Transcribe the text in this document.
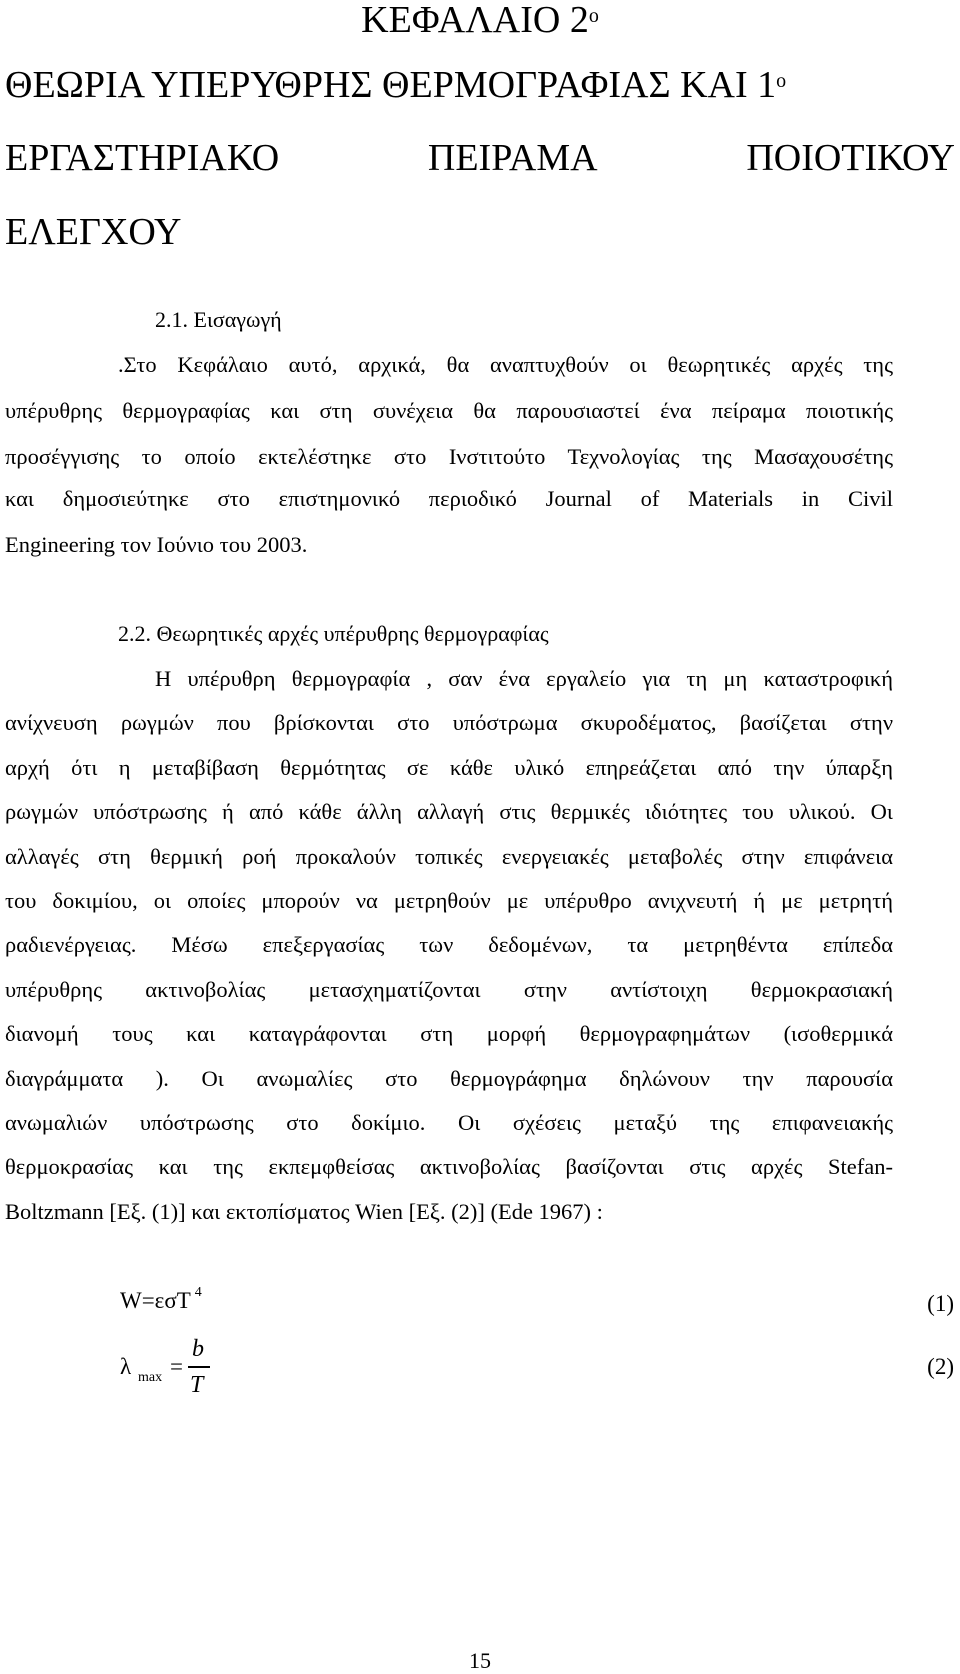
ΚΕΦΑΛΑΙΟ $2^o$
ΘΕΩΡΙΑ ΥΠΕΡΥΘΡΗΣ ΘΕΡΜΟΓΡΑΦΙΑΣ ΚΑΙ $1^o$
ΕΡΓΑΣΤΗΡΙΑΚΟ	ΠΕΙΡΑΜΑ	ΠΟΙΟΤΙΚΟΥ
ΕΛΕΓΧΟΥ
2.1. Εισαγωγή
.Στο Κεφάλαιο αυτό, αρχικά, θα αναπτυχθούν οι θεωρητικές αρχές της
υπέρυθρης θερμογραφίας και στη συνέχεια θα παρουσιαστεί ένα πείραμα ποιοτικής
προσέγγισης το οποίο εκτελέστηκε στο Ινστιτούτο Τεχνολογίας της Μασαχουσέτης
και δημοσιεύτηκε στο επιστημονικό περιοδικό Journal of Materials in Civil
Engineering τον Ιούνιο του 2003.
2.2. Θεωρητικές αρχές υπέρυθρης θερμογραφίας
Η υπέρυθρη θερμογραφία , σαν ένα εργαλείο για τη μη καταστροφική
ανίχνευση ρωγμών που βρίσκονται στο υπόστρωμα σκυροδέματος, βασίζεται στην
αρχή ότι η μεταβίβαση θερμότητας σε κάθε υλικό επηρεάζεται από την ύπαρξη
ρωγμών υπόστρωσης ή από κάθε άλλη αλλαγή στις θερμικές ιδιότητες του υλικού. Οι
αλλαγές στη θερμική ροή προκαλούν τοπικές ενεργειακές μεταβολές στην επιφάνεια
του δοκιμίου, οι οποίες μπορούν να μετρηθούν με υπέρυθρο ανιχνευτή ή με μετρητή
ραδιενέργειας. Μέσω επεξεργασίας των δεδομένων, τα μετρηθέντα επίπεδα
υπέρυθρης ακτινοβολίας μετασχηματίζονται στην αντίστοιχη θερμοκρασιακή
διανομή τους και καταγράφονται στη μορφή θερμογραφημάτων (ισοθερμικά
διαγράμματα ). Οι ανωμαλίες στο θερμογράφημα δηλώνουν την παρουσία
ανωμαλιών υπόστρωσης στο δοκίμιο. Οι σχέσεις μεταξύ της επιφανειακής
θερμοκρασίας και της εκπεμφθείσας ακτινοβολίας βασίζονται στις αρχές Stefan-
Boltzmann [Εξ. (1)] και εκτοπίσματος Wien [Εξ. (2)] (Ede 1967) :
W=εσT $^4$	(1)
λ max =
b
T
(2)
15
